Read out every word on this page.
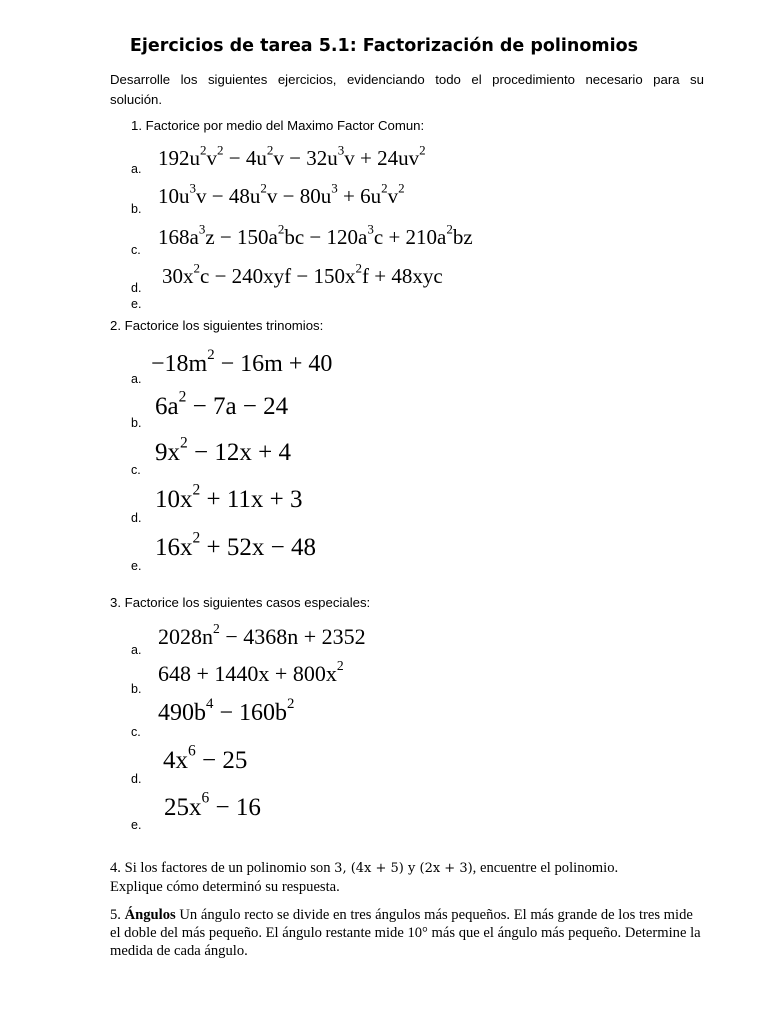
Ejercicios de tarea 5.1: Factorización de polinomios
Desarrolle los siguientes ejercicios, evidenciando todo el procedimiento necesario para su
solución.
1. Factorice por medio del Maximo Factor Comun:
a. $192u^2v^2 - 4u^2v - 32u^3v + 24uv^2$
b.
$10u^3v - 48u^2v - 80u^3 + 6u^2v^2$
c.
$168a^3z - 150a^2bc - 120a^3c + 210a^2bz$
d. $30x^2c - 240xyf - 150x^2f + 48xyc$
e.
2. Factorice los siguientes trinomios:
a.
$-18m^2 - 16m + 40$
b.
$6a^2 - 7a - 24$
c.
$9x^2 - 12x + 4$
d.
$10x^2 + 11x + 3$
e.
$16x^2 + 52x - 48$
3. Factorice los siguientes casos especiales:
a.
$2028n^2 - 4368n + 2352$
b.
$648 + 1440x + 800x^2$
c.
$490b^4 - 160b^2$
d.
$4x^6 - 25$
e.
$25x^6 - 16$
4. Si los factores de un polinomio son 3, (4x + 5) y (2x + 3), encuentre el polinomio.
Explique cómo determinó su respuesta.
5. Ángulos Un ángulo recto se divide en tres ángulos más pequeños. El más grande de los tres mide el doble del más pequeño. El ángulo restante mide 10° más que el ángulo más pequeño. Determine la medida de cada ángulo.
